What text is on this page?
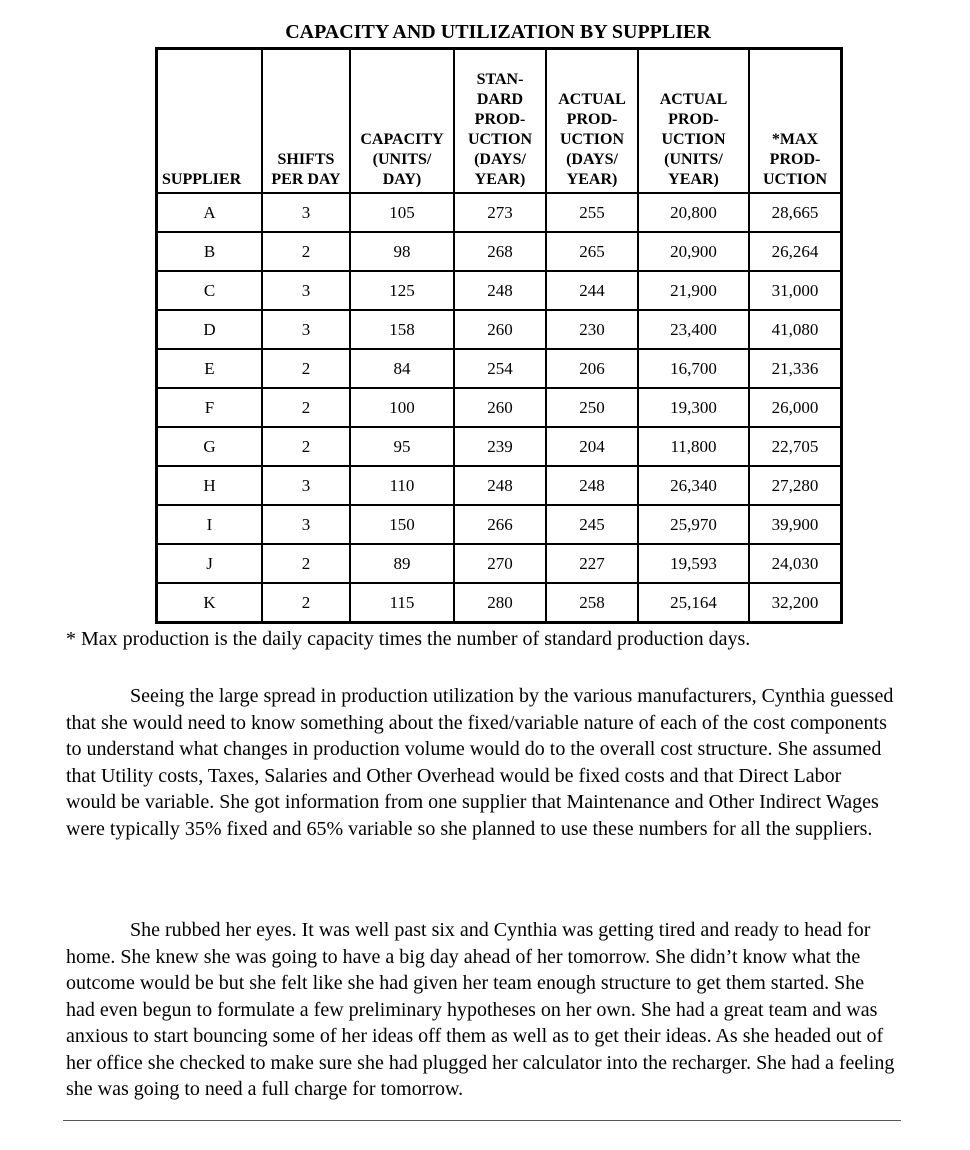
CAPACITY AND UTILIZATION BY SUPPLIER
SUPPLIER	SHIFTS PER DAY	CAPACITY (UNITS/ DAY)	STAN- DARD PROD- UCTION (DAYS/ YEAR)	ACTUAL PROD- UCTION (DAYS/ YEAR)	ACTUAL PROD- UCTION (UNITS/ YEAR)	*MAX PROD- UCTION
A	3	105	273	255	20,800	28,665
B	2	98	268	265	20,900	26,264
C	3	125	248	244	21,900	31,000
D	3	158	260	230	23,400	41,080
E	2	84	254	206	16,700	21,336
F	2	100	260	250	19,300	26,000
G	2	95	239	204	11,800	22,705
H	3	110	248	248	26,340	27,280
I	3	150	266	245	25,970	39,900
J	2	89	270	227	19,593	24,030
K	2	115	280	258	25,164	32,200
* Max production is the daily capacity times the number of standard production days.
Seeing the large spread in production utilization by the various manufacturers, Cynthia guessed that she would need to know something about the fixed/variable nature of each of the cost components to understand what changes in production volume would do to the overall cost structure. She assumed that Utility costs, Taxes, Salaries and Other Overhead would be fixed costs and that Direct Labor would be variable. She got information from one supplier that Maintenance and Other Indirect Wages were typically 35% fixed and 65% variable so she planned to use these numbers for all the suppliers.
She rubbed her eyes. It was well past six and Cynthia was getting tired and ready to head for home. She knew she was going to have a big day ahead of her tomorrow. She didn’t know what the outcome would be but she felt like she had given her team enough structure to get them started. She had even begun to formulate a few preliminary hypotheses on her own. She had a great team and was anxious to start bouncing some of her ideas off them as well as to get their ideas. As she headed out of her office she checked to make sure she had plugged her calculator into the recharger. She had a feeling she was going to need a full charge for tomorrow.
